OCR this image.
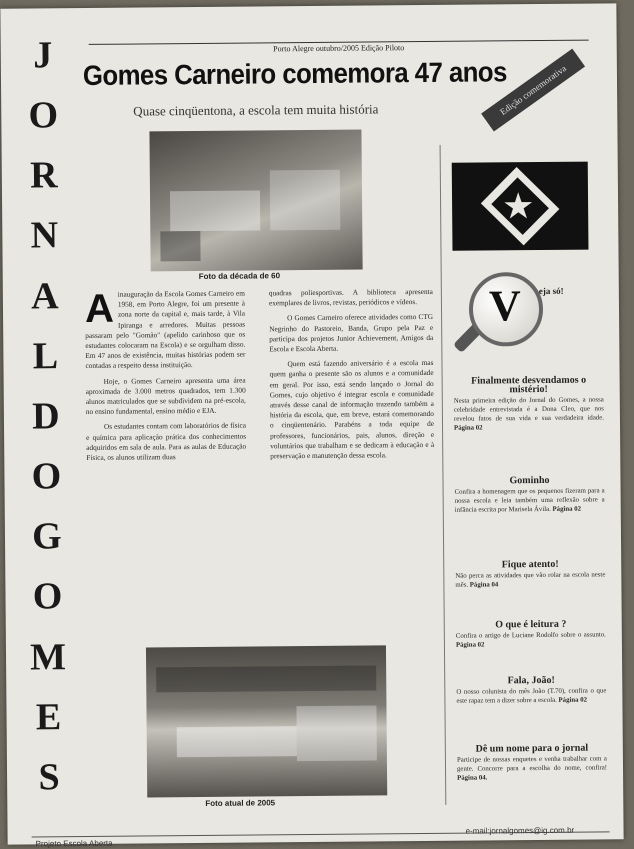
J
O
R
N
A
L
D
O
G
O
M
E
S
Porto Alegre outubro/2005 Edição Piloto
Gomes Carneiro comemora 47 anos
Quase cinqüentona, a escola tem muita história	Edição comemorativa
Foto da década de 60

Ainauguração da Escola Gomes Carneiro em 1958, em Porto Alegre, foi um presente à zona norte da capital e, mais tarde, à Vila Ipiranga e arredores. Muitas pessoas passaram pelo "Gomão" (apelido carinhoso que os estudantes colocaram na Escola) e se orgulham disso. Em 47 anos de existência, muitas histórias podem ser contadas a respeito dessa instituição.

Hoje, o Gomes Carneiro apresenta uma área aproximada de 3.000 metros quadrados, tem 1.300 alunos matriculados que se subdividem na pré-escola, no ensino fundamental, ensino médio e EJA.

Os estudantes contam com laboratórios de física e química para aplicação prática dos conhecimentos adquiridos em sala de aula. Para as aulas de Educação Física, os alunos utilizam duas

quadras poliesportivas. A biblioteca apresenta exemplares de livros, revistas, periódicos e vídeos.

O Gomes Carneiro oferece atividades como CTG Negrinho do Pastoreio, Banda, Grupo pela Paz e participa dos projetos Junior Achievement, Amigos da Escola e Escola Aberta.

Quem está fazendo aniversário é a escola mas quem ganha o presente são os alunos e a comunidade em geral. Por isso, está sendo lançado o Jornal do Gomes, cujo objetivo é integrar escola e comunidade através desse canal de informação trazendo também a história da escola, que, em breve, estará comemorando o cinqüentenário. Parabéns a toda equipe de professores, funcionários, pais, alunos, direção e voluntários que trabalham e se dedicam à educação e à preservação e manutenção dessa escola.

Foto atual de 2005
★
V eja só!
Finalmente desvendamos o mistério!
Nesta primeira edição do Jornal do Gomes, a nossa celebridade entrevistada é a Dona Cleo, que nos revelou fatos de sua vida e sua verdadeira idade. Página 02
Gominho
Confira a homenagem que os pequenos fizeram para a nossa escola e leia também uma reflexão sobre a infância escrita por Marisela Ávila. Página 02
Fique atento!
Não perca as atividades que vão rolar na escola neste mês. Página 04
O que é leitura ?
Confira o artigo de Luciane Rodolfo sobre o assunto. Página 02
Fala, João!
O nosso colunista do mês João (T.70), confira o que este rapaz tem a dizer sobre a escola. Página 02
Dê um nome para o jornal
Participe de nossas enquetes e venha trabalhar com a gente. Concorre para a escolha do nome, confira! Página 04.
Projeto Escola Aberta
e-mail:jornalgomes@ig.com.br
